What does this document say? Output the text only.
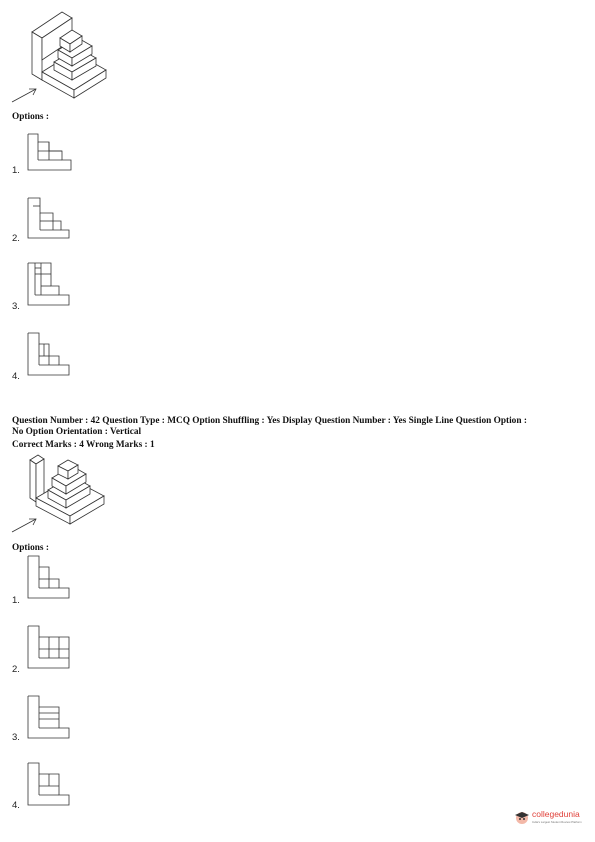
Options :
1.
2.
3.
4.
Question Number : 42 Question Type : MCQ Option Shuffling : Yes Display Question Number : Yes Single Line Question Option :
No Option Orientation : Vertical
Correct Marks : 4 Wrong Marks : 1
Options :
1.
2.
3.
4.
collegedunia
India's Largest Student Review Platform
